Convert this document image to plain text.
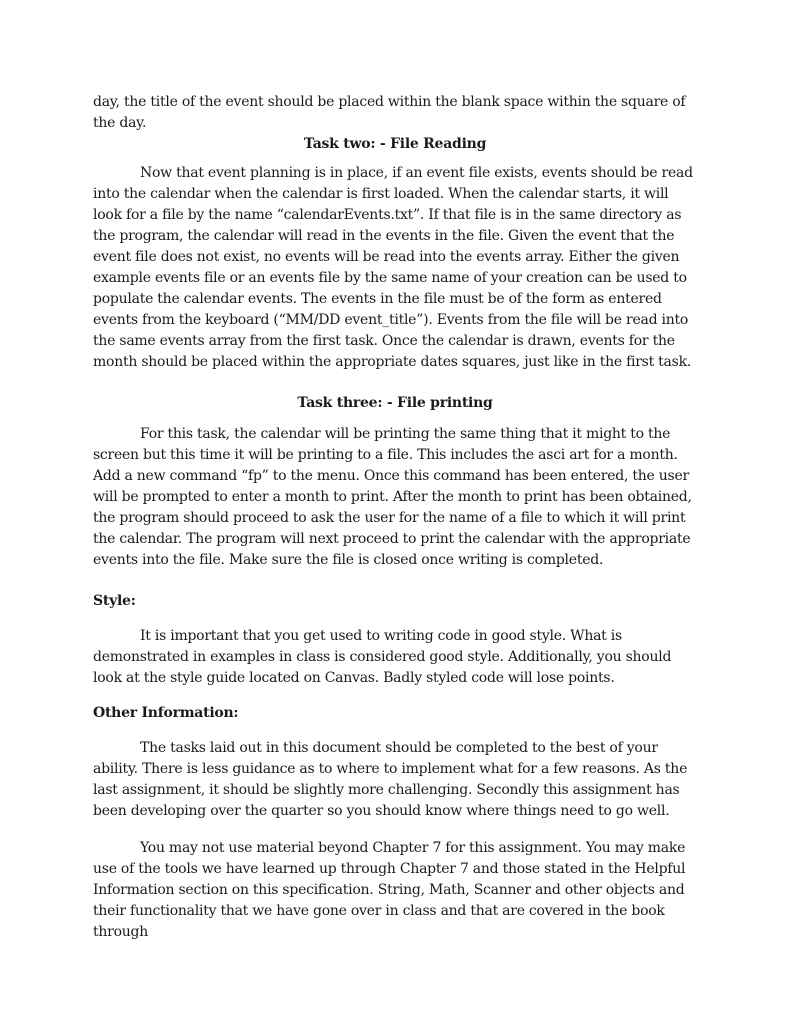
day, the title of the event should be placed within the blank space within the square of the day.

Task two: - File Reading

Now that event planning is in place, if an event file exists, events should be read into the calendar when the calendar is first loaded. When the calendar starts, it will look for a file by the name “calendarEvents.txt”. If that file is in the same directory as the program, the calendar will read in the events in the file. Given the event that the event file does not exist, no events will be read into the events array. Either the given example events file or an events file by the same name of your creation can be used to populate the calendar events. The events in the file must be of the form as entered events from the keyboard (“MM/DD event_title”). Events from the file will be read into the same events array from the first task. Once the calendar is drawn, events for the month should be placed within the appropriate dates squares, just like in the first task.

Task three: - File printing

For this task, the calendar will be printing the same thing that it might to the screen but this time it will be printing to a file. This includes the asci art for a month. Add a new command “fp” to the menu. Once this command has been entered, the user will be prompted to enter a month to print. After the month to print has been obtained, the program should proceed to ask the user for the name of a file to which it will print the calendar. The program will next proceed to print the calendar with the appropriate events into the file. Make sure the file is closed once writing is completed.

Style:

It is important that you get used to writing code in good style. What is demonstrated in examples in class is considered good style. Additionally, you should look at the style guide located on Canvas. Badly styled code will lose points.

Other Information:

The tasks laid out in this document should be completed to the best of your ability. There is less guidance as to where to implement what for a few reasons. As the last assignment, it should be slightly more challenging. Secondly this assignment has been developing over the quarter so you should know where things need to go well.

You may not use material beyond Chapter 7 for this assignment. You may make use of the tools we have learned up through Chapter 7 and those stated in the Helpful Information section on this specification. String, Math, Scanner and other objects and their functionality that we have gone over in class and that are covered in the book through
